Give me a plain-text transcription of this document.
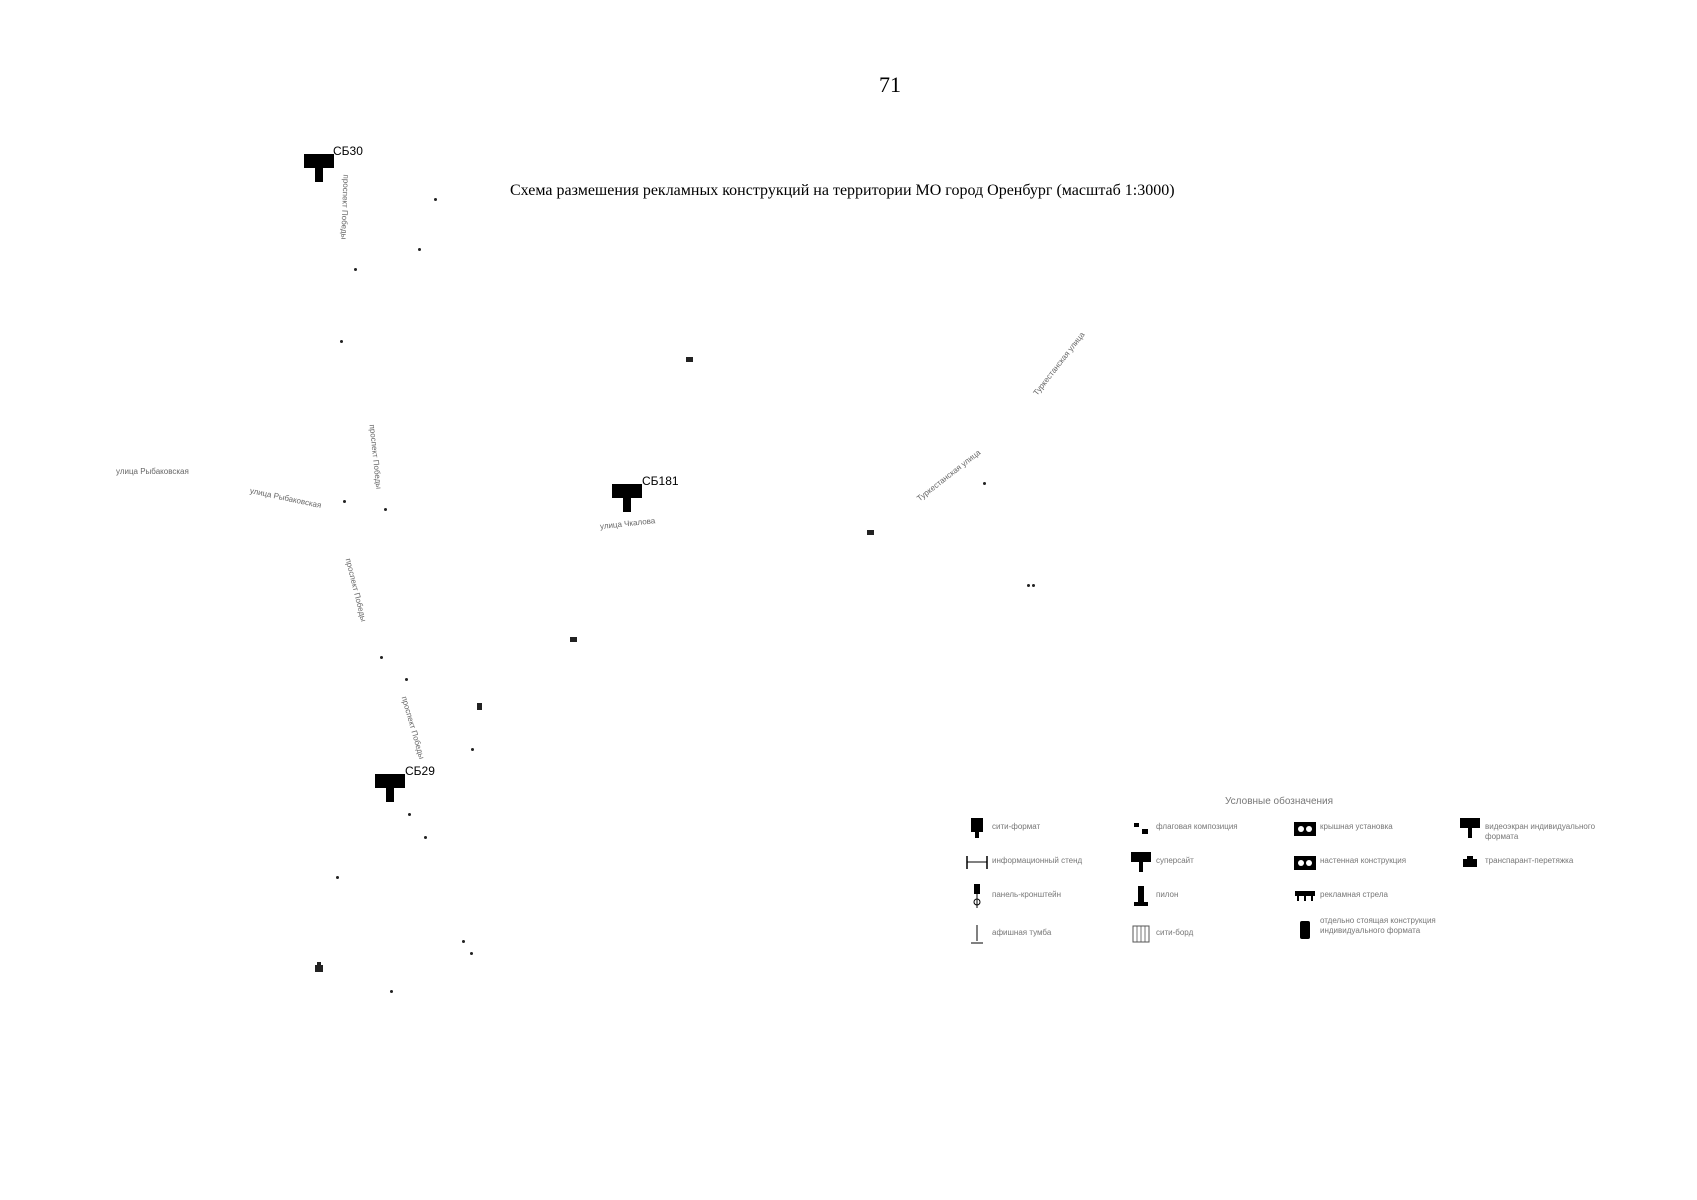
71
Схема размешения рекламных конструкций на территории МО город Оренбург (масштаб 1:3000)
СБ30
СБ181
СБ29
проспект Победы
проспект Победы
проспект Победы
проспект Победы
улица Рыбаковская
улица Рыбаковская
Туркестанская улица
улица Чкалова
Туркестанская улица
Условные обозначения
сити-формат	флаговая композиция	крышная установка	видеоэкран индивидуального формата
информационный стенд	суперсайт	настенная конструкция	транспарант-перетяжка
панель-кронштейн	пилон	рекламная стрела
афишная тумба	сити-борд
отдельно стоящая конструкция индивидуального формата
